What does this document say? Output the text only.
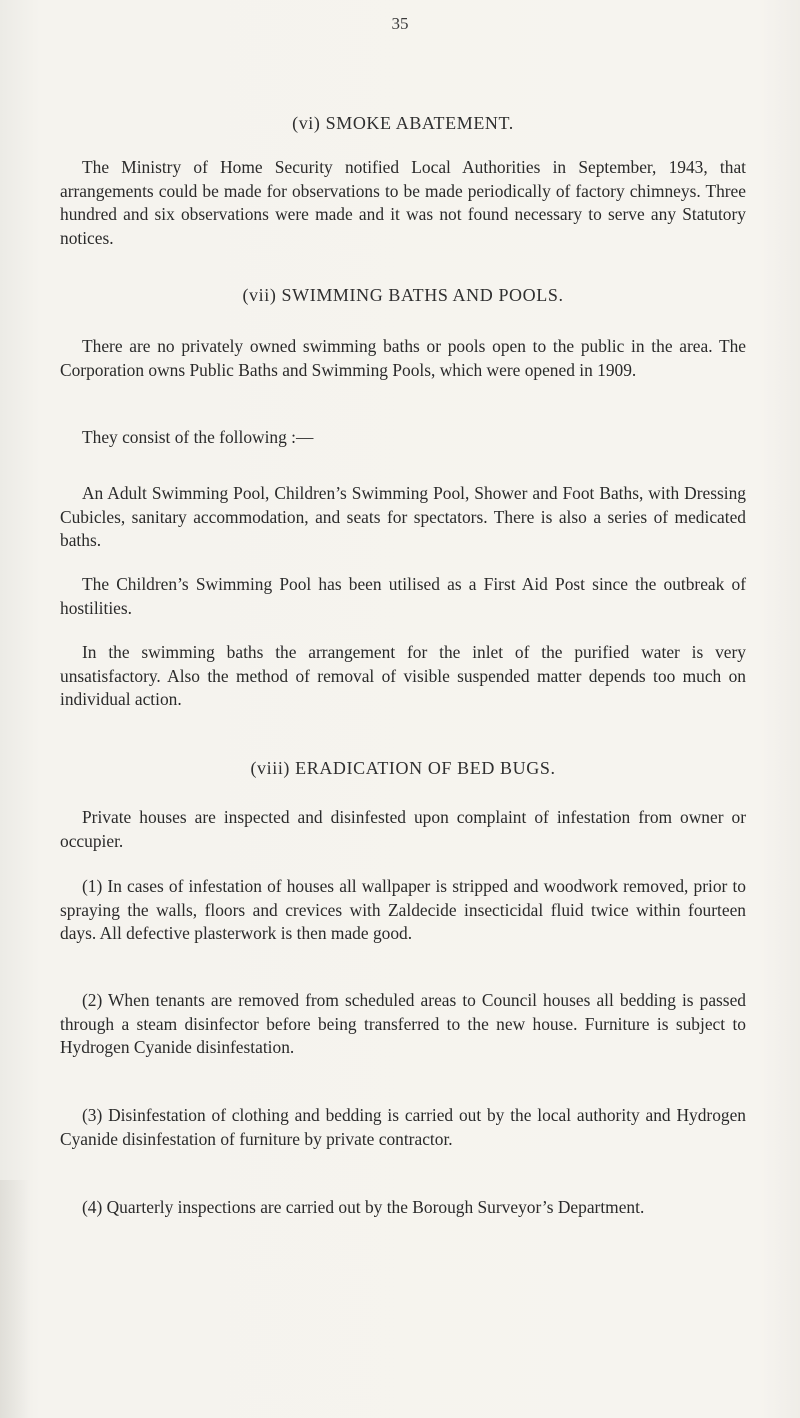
35
(vi) SMOKE ABATEMENT.

The Ministry of Home Security notified Local Authorities in September, 1943, that arrangements could be made for observations to be made periodically of factory chimneys. Three hundred and six observations were made and it was not found necessary to serve any Statutory notices.

(vii) SWIMMING BATHS AND POOLS.

There are no privately owned swimming baths or pools open to the public in the area. The Corporation owns Public Baths and Swimming Pools, which were opened in 1909.

They consist of the following :—

An Adult Swimming Pool, Children’s Swimming Pool, Shower and Foot Baths, with Dressing Cubicles, sanitary accommodation, and seats for spectators. There is also a series of medicated baths.

The Children’s Swimming Pool has been utilised as a First Aid Post since the outbreak of hostilities.

In the swimming baths the arrangement for the inlet of the purified water is very unsatisfactory. Also the method of removal of visible suspended matter depends too much on individual action.

(viii) ERADICATION OF BED BUGS.

Private houses are inspected and disinfested upon complaint of infestation from owner or occupier.

(1) In cases of infestation of houses all wallpaper is stripped and woodwork removed, prior to spraying the walls, floors and crevices with Zaldecide insecticidal fluid twice within fourteen days. All defective plasterwork is then made good.

(2) When tenants are removed from scheduled areas to Council houses all bedding is passed through a steam disinfector before being transferred to the new house. Furniture is subject to Hydrogen Cyanide disinfestation.

(3) Disinfestation of clothing and bedding is carried out by the local authority and Hydrogen Cyanide disinfestation of furniture by private contractor.

(4) Quarterly inspections are carried out by the Borough Surveyor’s Department.
